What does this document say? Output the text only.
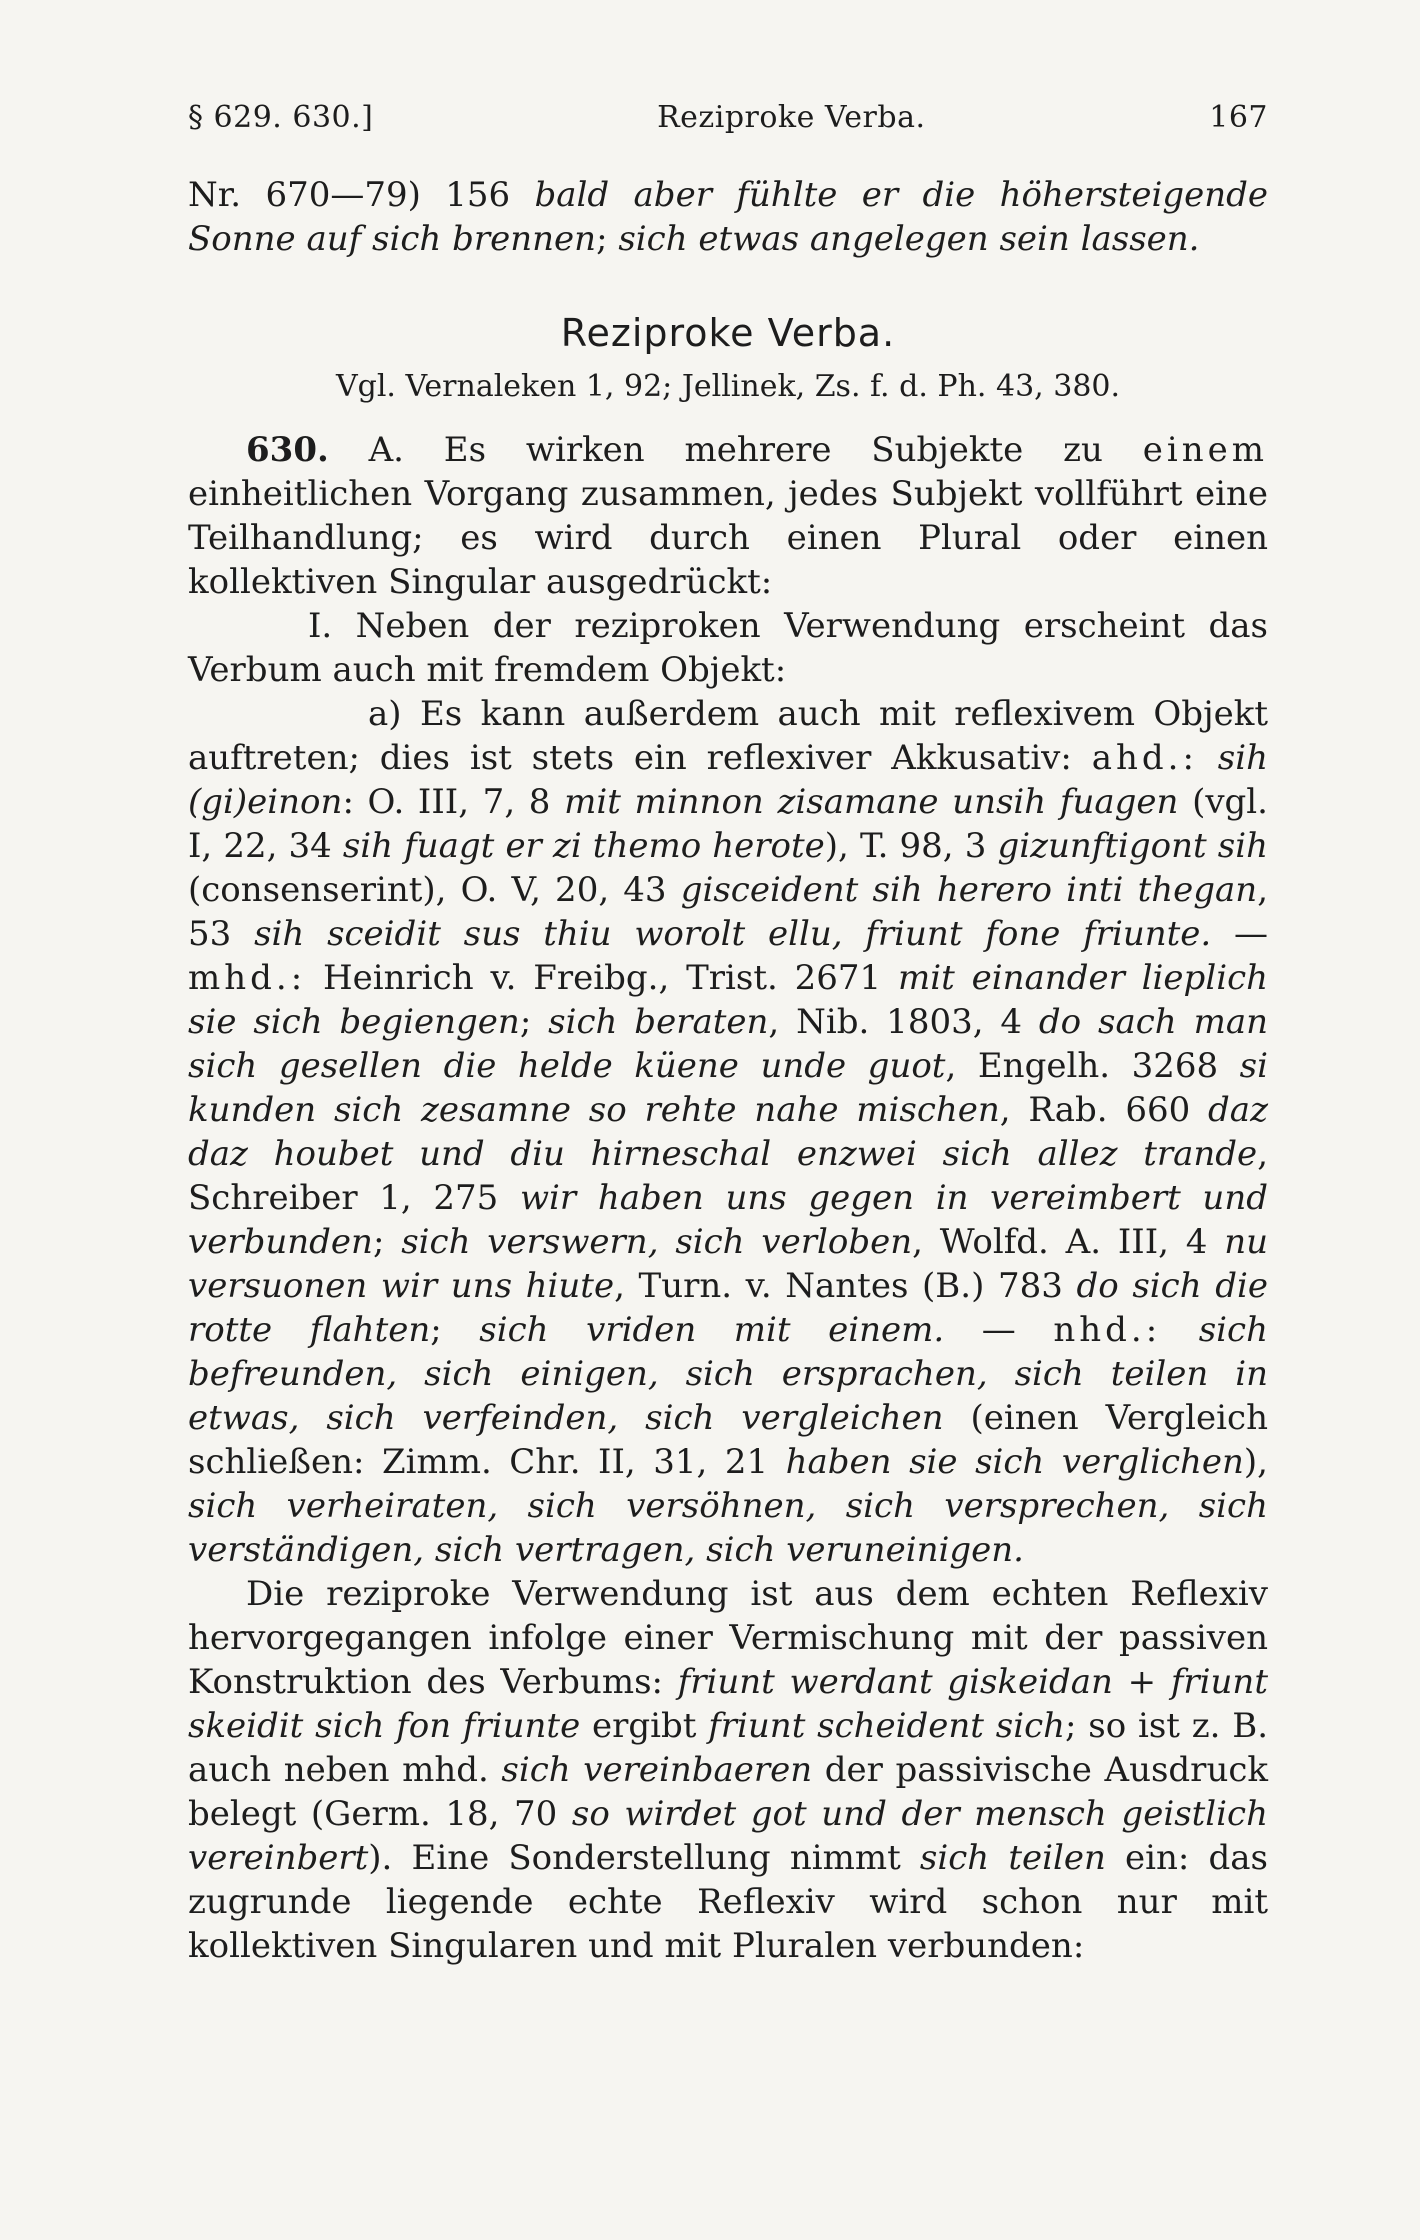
§ 629. 630.]	Reziproke Verba.	167

Nr. 670—79) 156 bald aber fühlte er die höhersteigende Sonne auf sich brennen; sich etwas angelegen sein lassen.

Reziproke Verba.
Vgl. Vernaleken 1, 92; Jellinek, Zs. f. d. Ph. 43, 380.

630. A. Es wirken mehrere Subjekte zu einem einheitlichen Vorgang zusammen, jedes Subjekt vollführt eine Teilhandlung; es wird durch einen Plural oder einen kollektiven Singular ausgedrückt:

I. Neben der reziproken Verwendung erscheint das Verbum auch mit fremdem Objekt:

a) Es kann außerdem auch mit reflexivem Objekt auftreten; dies ist stets ein reflexiver Akkusativ: ahd.: sih (gi)einon: O. III, 7, 8 mit minnon zisamane unsih fuagen (vgl. I, 22, 34 sih fuagt er zi themo herote), T. 98, 3 gizunftigont sih (consenserint), O. V, 20, 43 gisceident sih herero inti thegan, 53 sih sceidit sus thiu worolt ellu, friunt fone friunte. — mhd.: Heinrich v. Freibg., Trist. 2671 mit einander lieplich sie sich begiengen; sich beraten, Nib. 1803, 4 do sach man sich gesellen die helde küene unde guot, Engelh. 3268 si kunden sich zesamne so rehte nahe mischen, Rab. 660 daz daz houbet und diu hirneschal enzwei sich allez trande, Schreiber 1, 275 wir haben uns gegen in vereimbert und verbunden; sich verswern, sich verloben, Wolfd. A. III, 4 nu versuonen wir uns hiute, Turn. v. Nantes (B.) 783 do sich die rotte flahten; sich vriden mit einem. — nhd.: sich befreunden, sich einigen, sich ersprachen, sich teilen in etwas, sich verfeinden, sich vergleichen (einen Vergleich schließen: Zimm. Chr. II, 31, 21 haben sie sich verglichen), sich verheiraten, sich versöhnen, sich versprechen, sich verständigen, sich vertragen, sich veruneinigen.

Die reziproke Verwendung ist aus dem echten Reflexiv hervorgegangen infolge einer Vermischung mit der passiven Konstruktion des Verbums: friunt werdant giskeidan + friunt skeidit sich fon friunte ergibt friunt scheident sich; so ist z. B. auch neben mhd. sich vereinbaeren der passivische Ausdruck belegt (Germ. 18, 70 so wirdet got und der mensch geistlich vereinbert). Eine Sonderstellung nimmt sich teilen ein: das zugrunde liegende echte Reflexiv wird schon nur mit kollektiven Singularen und mit Pluralen verbunden:
